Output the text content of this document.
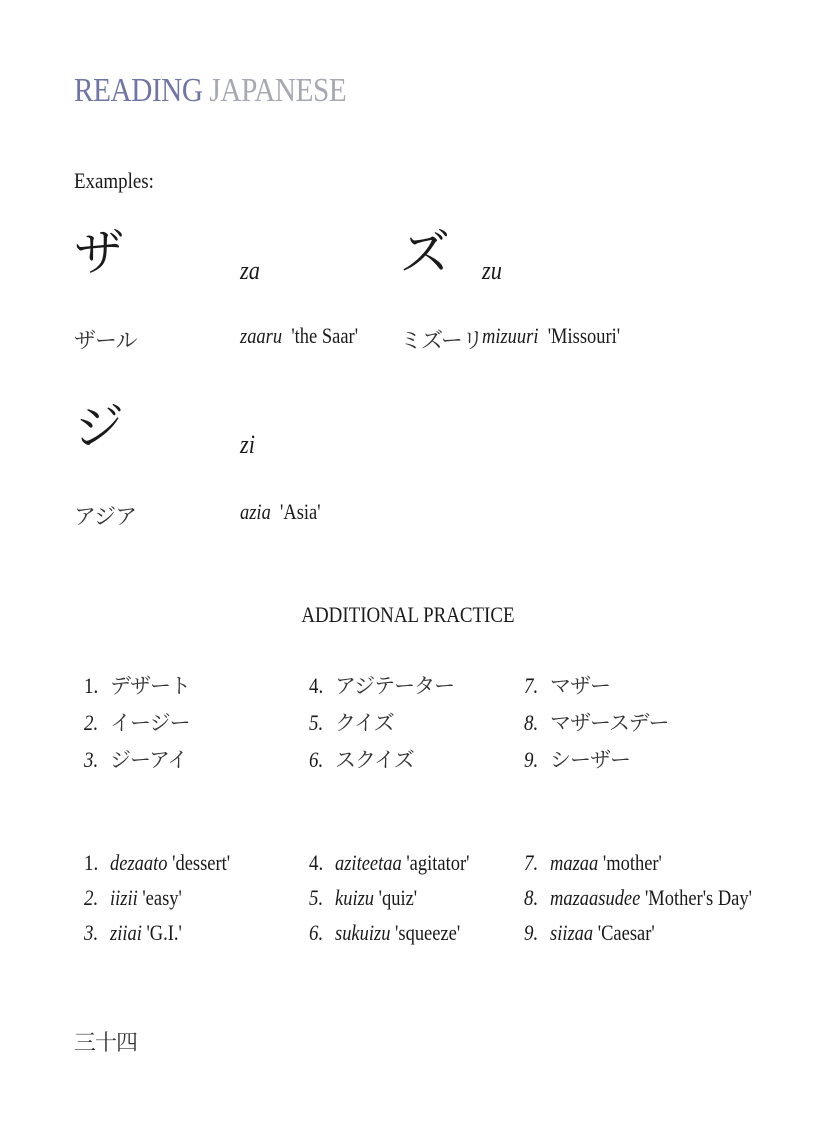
READING JAPANESE
Examples:
ザ	za
ザール	zaaru 'the Saar'
ズ zu
ミズーリ mizuuri 'Missouri'
ジ	zi
アジア	azia 'Asia'
ADDITIONAL PRACTICE
1. デザート
2. イージー
3. ジーアイ
4. アジテーター
5. クイズ
6. スクイズ
7. マザー
8. マザースデー
9. シーザー
1. dezaato 'dessert'
2. iizii 'easy'
3. ziiai 'G.I.'
4. aziteetaa 'agitator'
5. kuizu 'quiz'
6. sukuizu 'squeeze'
7. mazaa 'mother'
8. mazaasudee 'Mother's Day'
9. siizaa 'Caesar'
三十四
